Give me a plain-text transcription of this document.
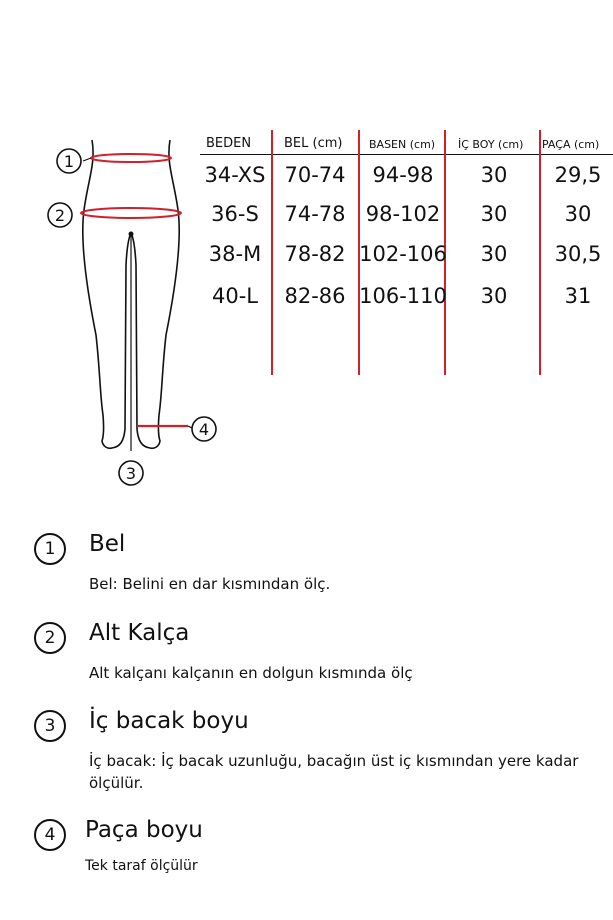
1
2
4
3
BEDEN	BEL (cm) BASEN (cm) İÇ BOY (cm) PAÇA (cm)
34-XS 70-74 94-98 30 29,5
36-S 74-78 98-102 30	30
38-M 78-82 102-106 30 30,5
40-L 82-86 106-110 30	31
1	Bel
Bel: Belini en dar kısmından ölç.
2	Alt Kalça
Alt kalçanı kalçanın en dolgun kısmında ölç
3	İç bacak boyu
İç bacak: İç bacak uzunluğu, bacağın üst iç kısmından yere kadar ölçülür.
4	Paça boyu
Tek taraf ölçülür
